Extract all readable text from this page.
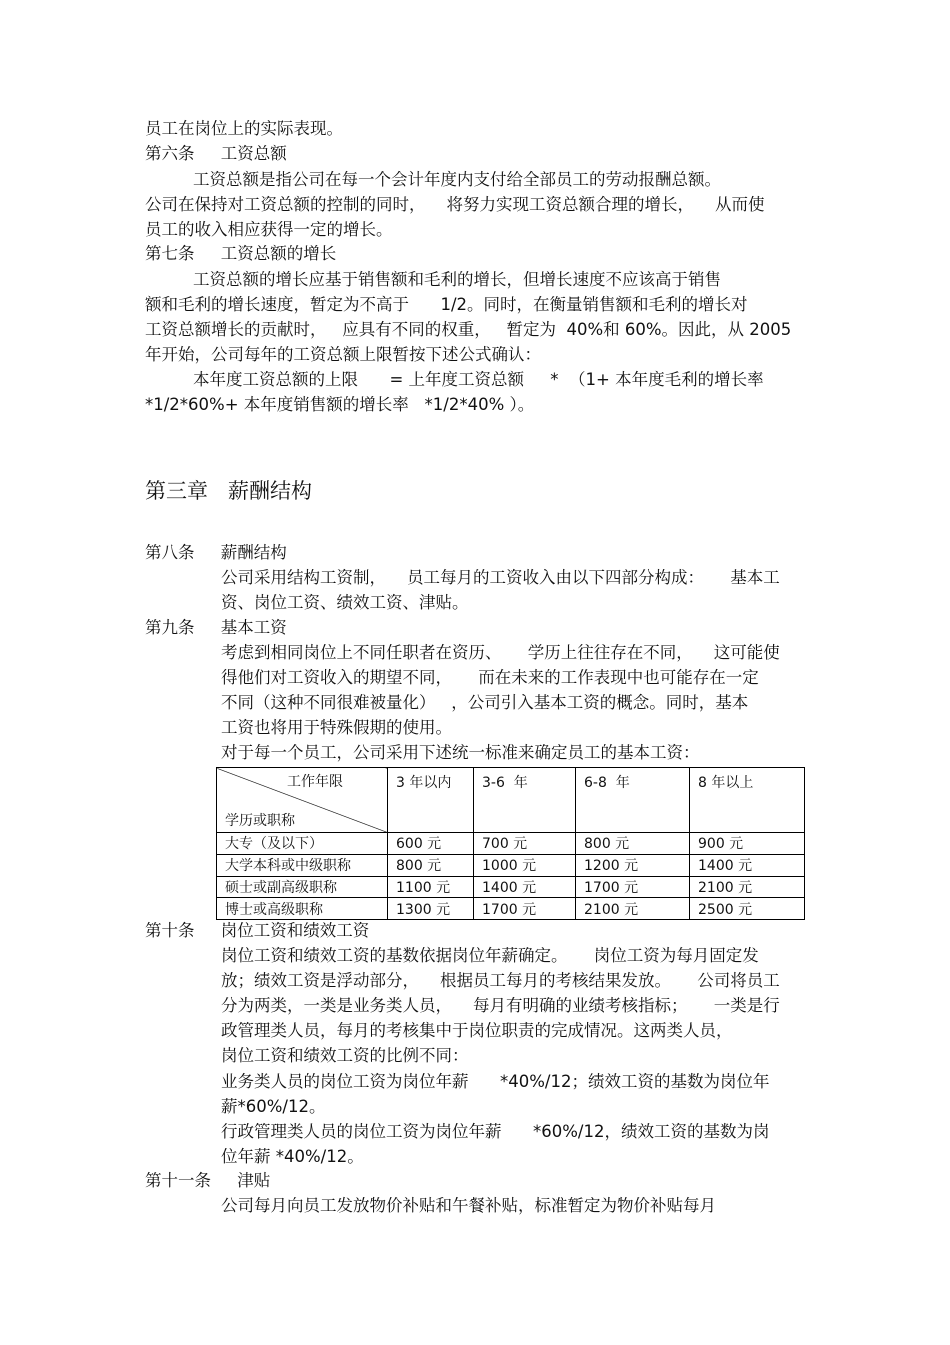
员工在岗位上的实际表现。
第六条     工资总额
工资总额是指公司在每一个会计年度内支付给全部员工的劳动报酬总额。
公司在保持对工资总额的控制的同时，    将努力实现工资总额合理的增长，    从而使
员工的收入相应获得一定的增长。
第七条     工资总额的增长
工资总额的增长应基于销售额和毛利的增长，但增长速度不应该高于销售
额和毛利的增长速度，暂定为不高于      1/2。同时，在衡量销售额和毛利的增长对
工资总额增长的贡献时，   应具有不同的权重，   暂定为  40%和 60%。因此，从 2005
年开始，公司每年的工资总额上限暂按下述公式确认：
本年度工资总额的上限      = 上年度工资总额     *  （1+ 本年度毛利的增长率
*1/2*60%+ 本年度销售额的增长率   *1/2*40% ）。
第三章   薪酬结构
第八条     薪酬结构
公司采用结构工资制，    员工每月的工资收入由以下四部分构成：     基本工
资、岗位工资、绩效工资、津贴。
第九条     基本工资
考虑到相同岗位上不同任职者在资历、     学历上往往存在不同，    这可能使
得他们对工资收入的期望不同，     而在未来的工作表现中也可能存在一定
不同（这种不同很难被量化）   ，公司引入基本工资的概念。同时，基本
工资也将用于特殊假期的使用。
对于每一个员工，公司采用下述统一标准来确定员工的基本工资：

工作年限

学历或职称	3 年以内	3-6  年	6-8  年	8 年以上
大专（及以下）	600 元	700 元	800 元	900 元
大学本科或中级职称	800 元	1000 元	1200 元	1400 元
硕士或副高级职称	1100 元	1400 元	1700 元	2100 元
博士或高级职称	1300 元	1700 元	2100 元	2500 元
第十条     岗位工资和绩效工资
岗位工资和绩效工资的基数依据岗位年薪确定。     岗位工资为每月固定发
放；绩效工资是浮动部分，    根据员工每月的考核结果发放。     公司将员工
分为两类，一类是业务类人员，    每月有明确的业绩考核指标；     一类是行
政管理类人员，每月的考核集中于岗位职责的完成情况。这两类人员，
岗位工资和绩效工资的比例不同：
业务类人员的岗位工资为岗位年薪      *40%/12；绩效工资的基数为岗位年
薪*60%/12。
行政管理类人员的岗位工资为岗位年薪      *60%/12，绩效工资的基数为岗
位年薪 *40%/12。
第十一条     津贴
公司每月向员工发放物价补贴和午餐补贴，标准暂定为物价补贴每月
